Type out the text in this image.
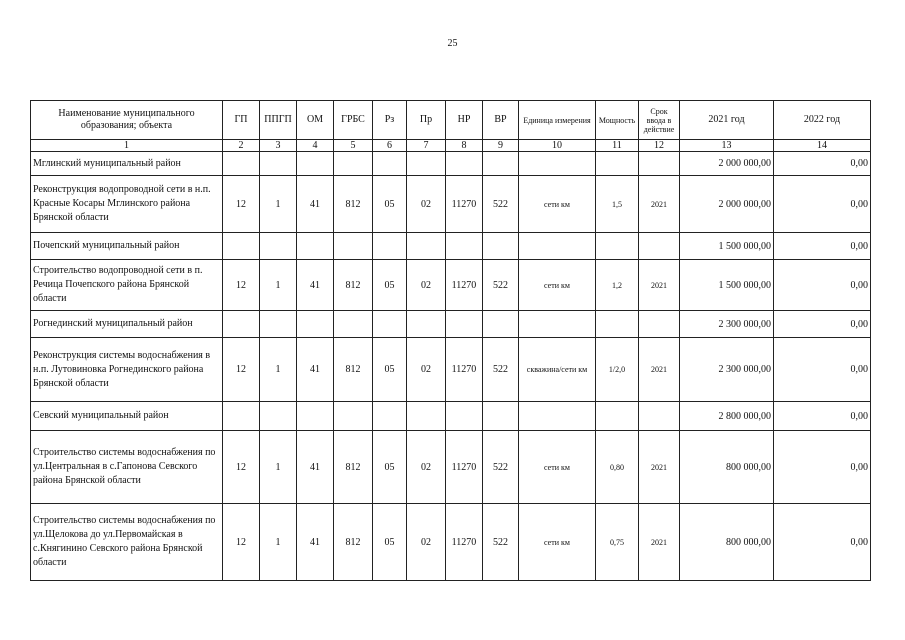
25
Наименование муниципального образования; объекта	ГП	ППГП	ОМ	ГРБС	Рз	Пр	НР	ВР	Единица измерения	Мощность	Срок ввода в действие	2021 год	2022 год
1	2	3	4	5	6	7	8	9	10	11	12	13	14
Мглинский муниципальный район												2 000 000,00	0,00
Реконструкция водопроводной сети в н.п. Красные Косары Мглинского района Брянской области	12	1	41	812	05	02	11270	522	сети км	1,5	2021	2 000 000,00	0,00
Почепский муниципальный район												1 500 000,00	0,00
Строительство водопроводной сети в п. Речица Почепского района Брянской области	12	1	41	812	05	02	11270	522	сети км	1,2	2021	1 500 000,00	0,00
Рогнединский муниципальный район												2 300 000,00	0,00
Реконструкция системы водоснабжения в н.п. Лутовиновка Рогнединского района Брянской области	12	1	41	812	05	02	11270	522	скважина/сети км	1/2,0	2021	2 300 000,00	0,00
Севский муниципальный район												2 800 000,00	0,00
Строительство системы водоснабжения по ул.Центральная в с.Гапонова Севского района Брянской области	12	1	41	812	05	02	11270	522	сети км	0,80	2021	800 000,00	0,00
Строительство системы водоснабжения по ул.Щелокова до ул.Первомайская в с.Княгинино Севского района Брянской области	12	1	41	812	05	02	11270	522	сети км	0,75	2021	800 000,00	0,00
